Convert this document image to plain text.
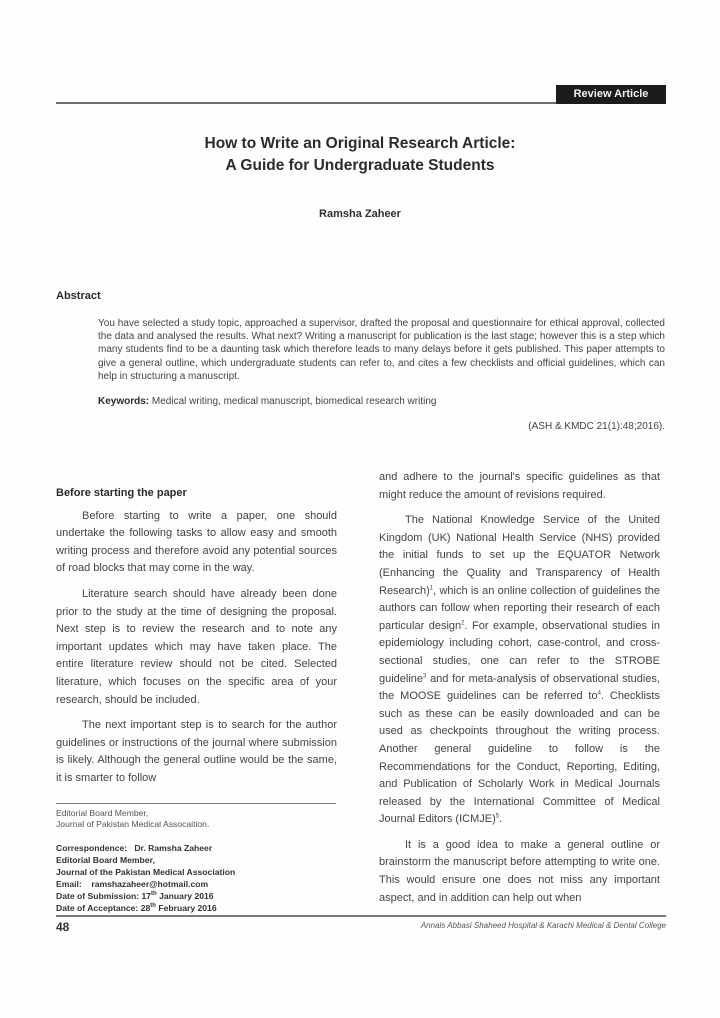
Review Article
How to Write an Original Research Article:
A Guide for Undergraduate Students
Ramsha Zaheer
Abstract
You have selected a study topic, approached a supervisor, drafted the proposal and questionnaire for ethical approval, collected the data and analysed the results. What next? Writing a manuscript for publication is the last stage; however this is a step which many students find to be a daunting task which therefore leads to many delays before it gets published. This paper attempts to give a general outline, which undergraduate students can refer to, and cites a few checklists and official guidelines, which can help in structuring a manuscript.
Keywords: Medical writing, medical manuscript, biomedical research writing
(ASH & KMDC 21(1):48;2016).
Before starting the paper

Before starting to write a paper, one should undertake the following tasks to allow easy and smooth writing process and therefore avoid any potential sources of road blocks that may come in the way.

Literature search should have already been done prior to the study at the time of designing the proposal. Next step is to review the research and to note any important updates which may have taken place. The entire literature review should not be cited. Selected literature, which focuses on the specific area of your research, should be included.

The next important step is to search for the author guidelines or instructions of the journal where submission is likely. Although the general outline would be the same, it is smarter to follow

and adhere to the journal's specific guidelines as that might reduce the amount of revisions required.

The National Knowledge Service of the United Kingdom (UK) National Health Service (NHS) provided the initial funds to set up the EQUATOR Network (Enhancing the Quality and Transparency of Health Research)$^1$, which is an online collection of guidelines the authors can follow when reporting their research of each particular design$^2$. For example, observational studies in epidemiology including cohort, case-control, and cross-sectional studies, one can refer to the STROBE guideline$^3$ and for meta-analysis of observational studies, the MOOSE guidelines can be referred $to^4$. Checklists such as these can be easily downloaded and can be used as checkpoints throughout the writing process. Another general guideline to follow is the Recommendations for the Conduct, Reporting, Editing, and Publication of Scholarly Work in Medical Journals released by the International Committee of Medical Journal Editors (ICMJE)$^5$.

It is a good idea to make a general outline or brainstorm the manuscript before attempting to write one. This would ensure one does not miss any important aspect, and in addition can help out when

Editorial Board Member,
Journal of Pakistan Medical Assocaition.
Correspondence: Dr. Ramsha Zaheer
Editorial Board Member,
Journal of the Pakistan Medical Association
Email: ramshazaheer@hotmail.com
Date of Submission: 17th January 2016
Date of Acceptance: 28th February 2016
48	Annals Abbasi Shaheed Hospital & Karachi Medical & Dental College
